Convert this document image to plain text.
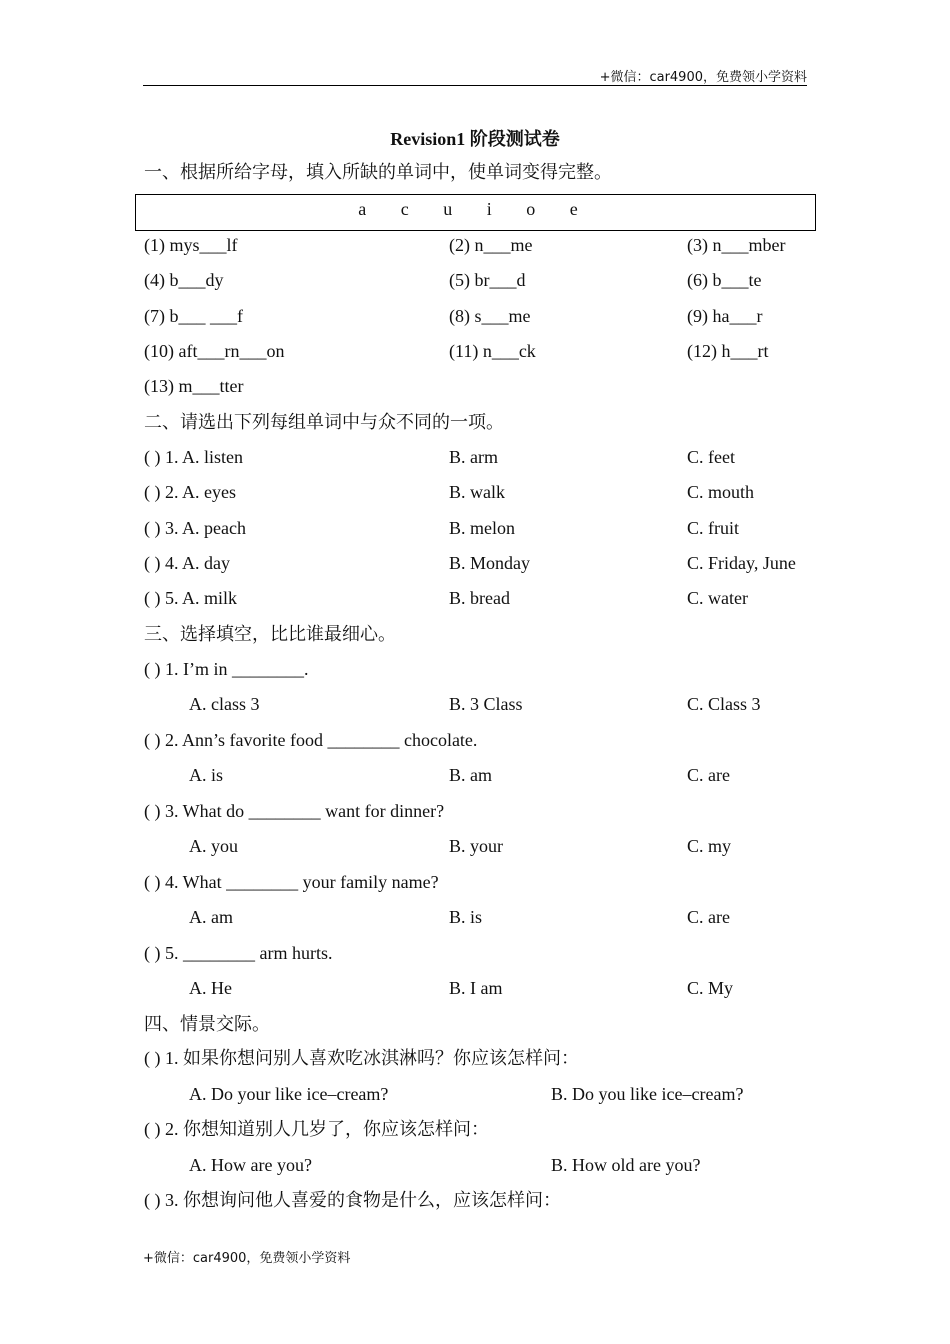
+微信：car4900，免费领小学资料
Revision1 阶段测试卷
一、根据所给字母，填入所缺的单词中，使单词变得完整。
a c u i o e
(1) mys___lf	(2) n___me	(3) n___mber
(4) b___dy	(5) br___d	(6) b___te
(7) b___ ___f	(8) s___me	(9) ha___r
(10) aft___rn___on	(11) n___ck	(12) h___rt
(13) m___tter
二、请选出下列每组单词中与众不同的一项。
( ) 1. A. listen	B. arm	C. feet
( ) 2. A. eyes	B. walk	C. mouth
( ) 3. A. peach	B. melon	C. fruit
( ) 4. A. day	B. Monday	C. Friday, June
( ) 5. A. milk	B. bread	C. water
三、选择填空，比比谁最细心。
( ) 1. I’m in ________.
A. class 3	B. 3 Class	C. Class 3
( ) 2. Ann’s favorite food ________ chocolate.
A. is	B. am	C. are
( ) 3. What do ________ want for dinner?
A. you	B. your	C. my
( ) 4. What ________ your family name?
A. am	B. is	C. are
( ) 5. ________ arm hurts.
A. He	B. I am	C. My
四、情景交际。
( ) 1. 如果你想问别人喜欢吃冰淇淋吗？你应该怎样问：
A. Do your like ice–cream?	B. Do you like ice–cream?
( ) 2. 你想知道别人几岁了，你应该怎样问：
A. How are you?	B. How old are you?
( ) 3. 你想询问他人喜爱的食物是什么，应该怎样问：
+微信：car4900，免费领小学资料
